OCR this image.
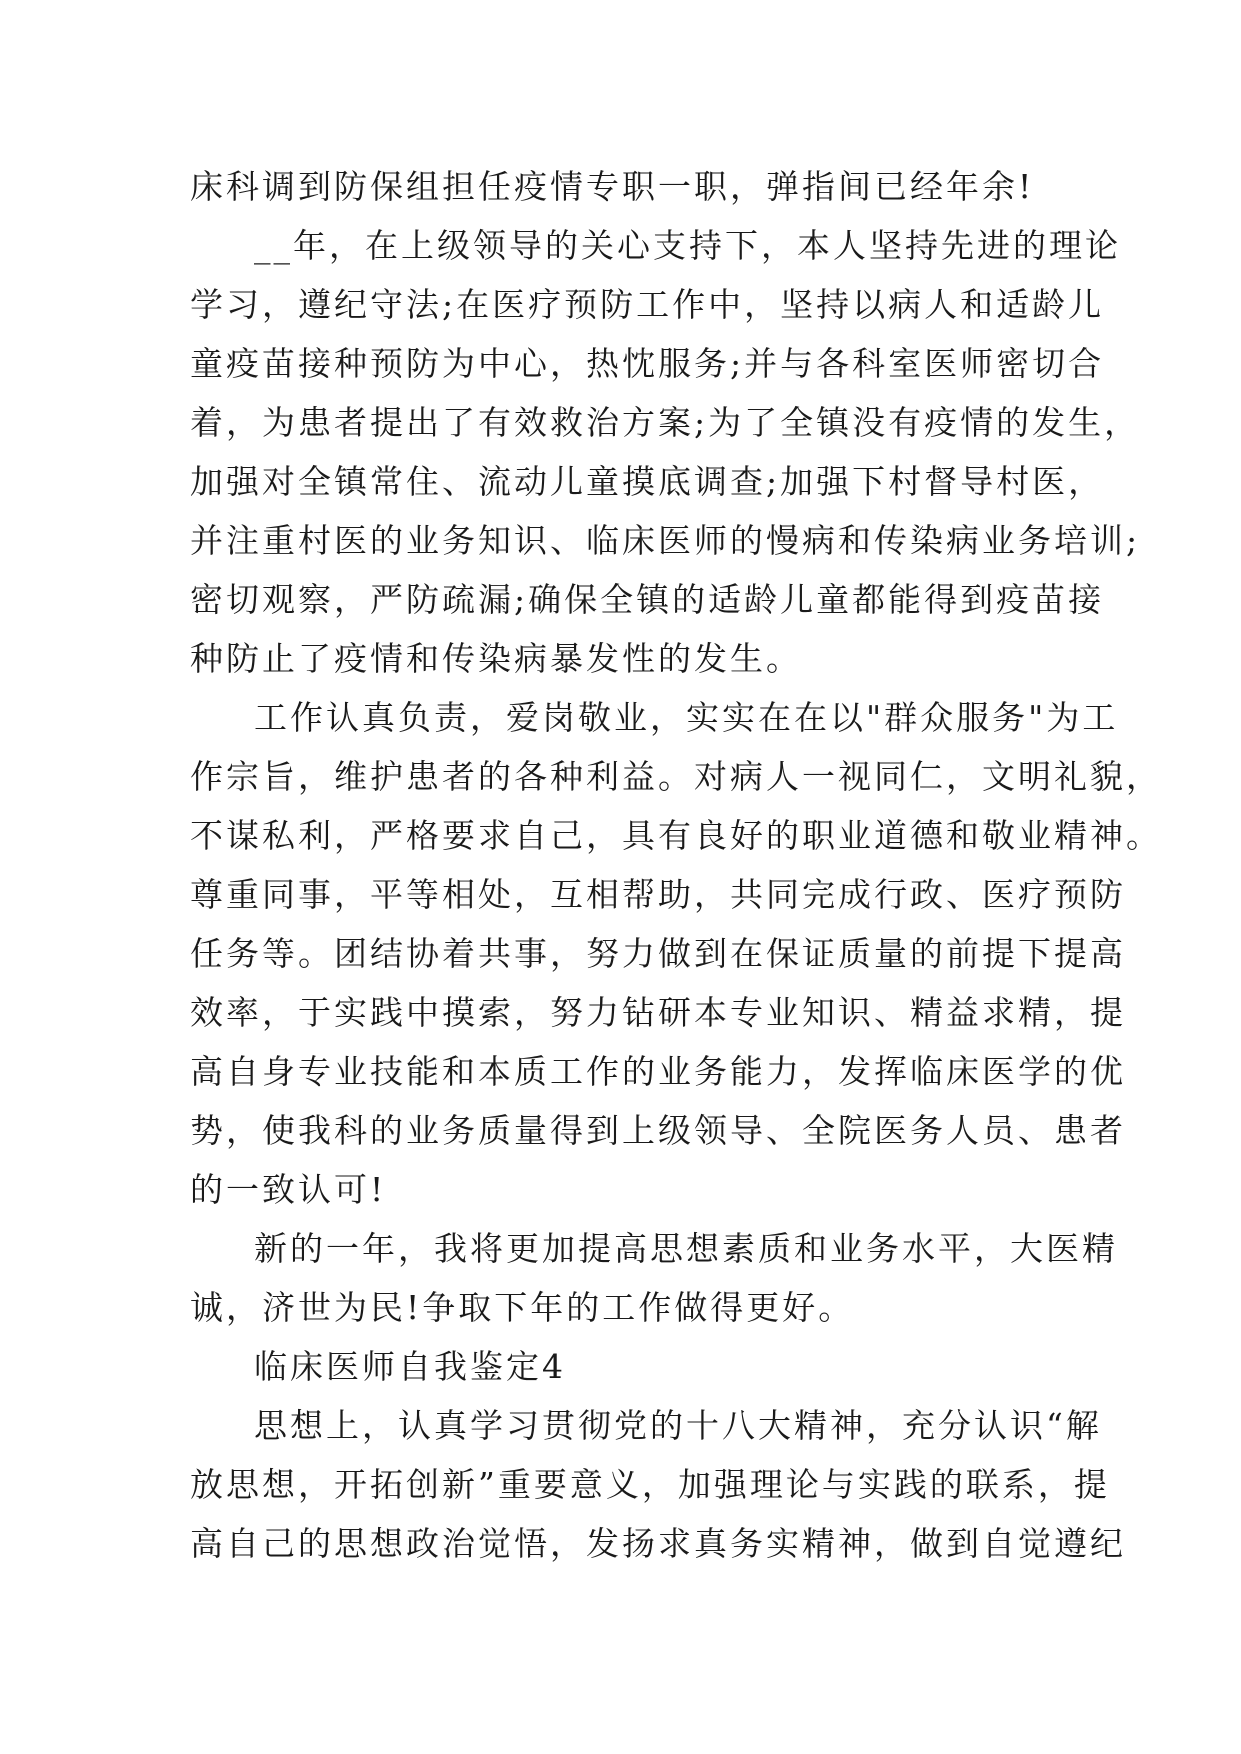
床科调到防保组担任疫情专职一职，弹指间已经年余!
__年，在上级领导的关心支持下，本人坚持先进的理论
学习，遵纪守法;在医疗预防工作中，坚持以病人和适龄儿
童疫苗接种预防为中心，热忱服务;并与各科室医师密切合
着，为患者提出了有效救治方案;为了全镇没有疫情的发生，
加强对全镇常住、流动儿童摸底调查;加强下村督导村医，
并注重村医的业务知识、临床医师的慢病和传染病业务培训;
密切观察，严防疏漏;确保全镇的适龄儿童都能得到疫苗接
种防止了疫情和传染病暴发性的发生。
工作认真负责，爱岗敬业，实实在在以"群众服务"为工
作宗旨，维护患者的各种利益。对病人一视同仁，文明礼貌，
不谋私利，严格要求自己，具有良好的职业道德和敬业精神。
尊重同事，平等相处，互相帮助，共同完成行政、医疗预防
任务等。团结协着共事，努力做到在保证质量的前提下提高
效率，于实践中摸索，努力钻研本专业知识、精益求精，提
高自身专业技能和本质工作的业务能力，发挥临床医学的优
势，使我科的业务质量得到上级领导、全院医务人员、患者
的一致认可!
新的一年，我将更加提高思想素质和业务水平，大医精
诚，济世为民!争取下年的工作做得更好。
临床医师自我鉴定4
思想上，认真学习贯彻党的十八大精神，充分认识“解
放思想，开拓创新”重要意义，加强理论与实践的联系，提
高自己的思想政治觉悟，发扬求真务实精神，做到自觉遵纪
